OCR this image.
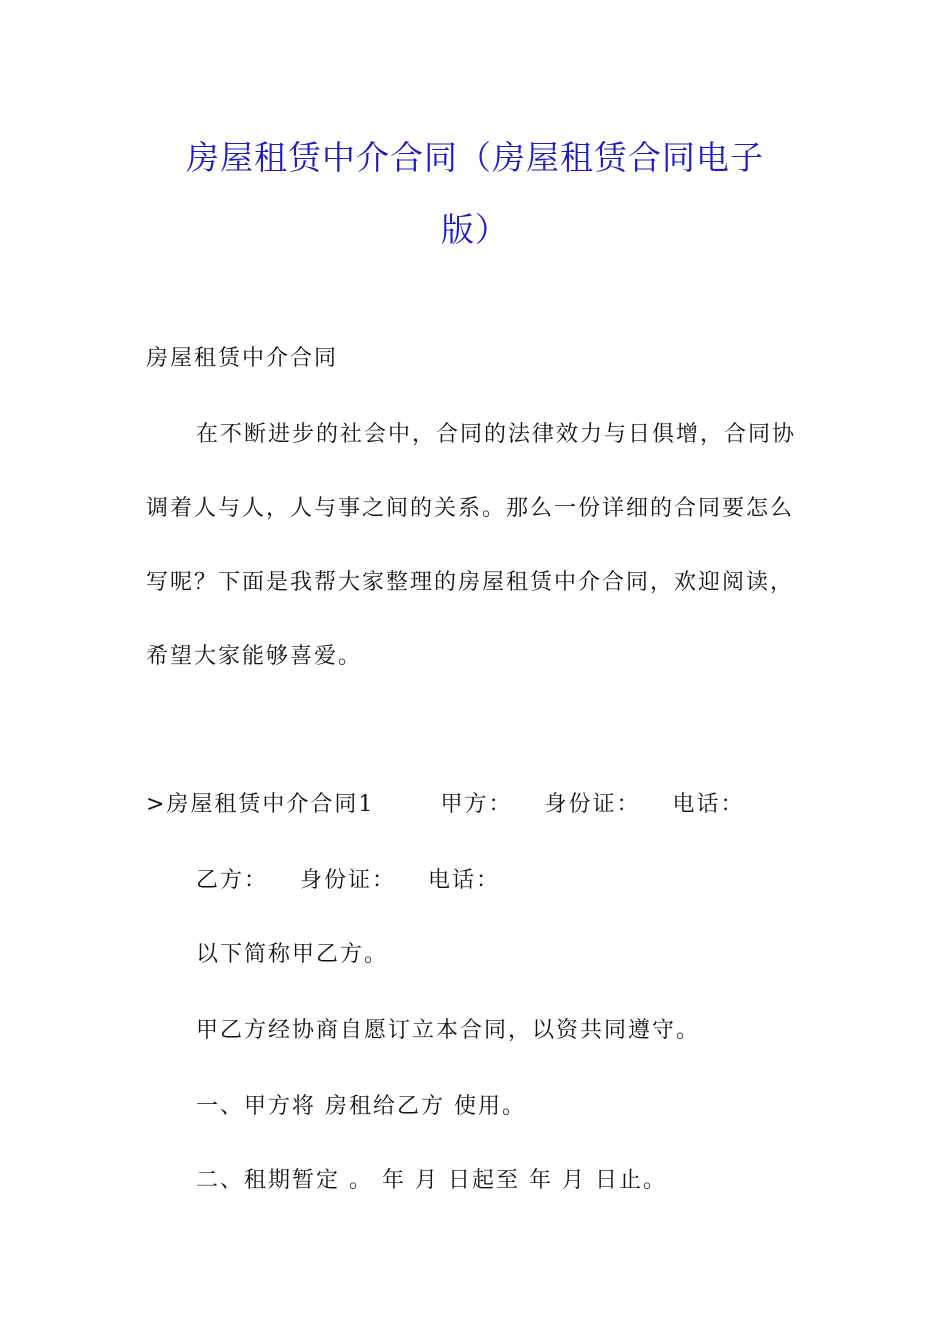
房屋租赁中介合同（房屋租赁合同电子
版）
房屋租赁中介合同
在不断进步的社会中，合同的法律效力与日俱增，合同协
调着人与人，人与事之间的关系。那么一份详细的合同要怎么
写呢？下面是我帮大家整理的房屋租赁中介合同，欢迎阅读，
希望大家能够喜爱。
>房屋租赁中介合同1	甲方： 身份证： 电话：
乙方： 身份证： 电话：
以下简称甲乙方。
甲乙方经协商自愿订立本合同，以资共同遵守。
一、甲方将 房租给乙方 使用。
二、租期暂定 。 年 月 日起至 年 月 日止。
